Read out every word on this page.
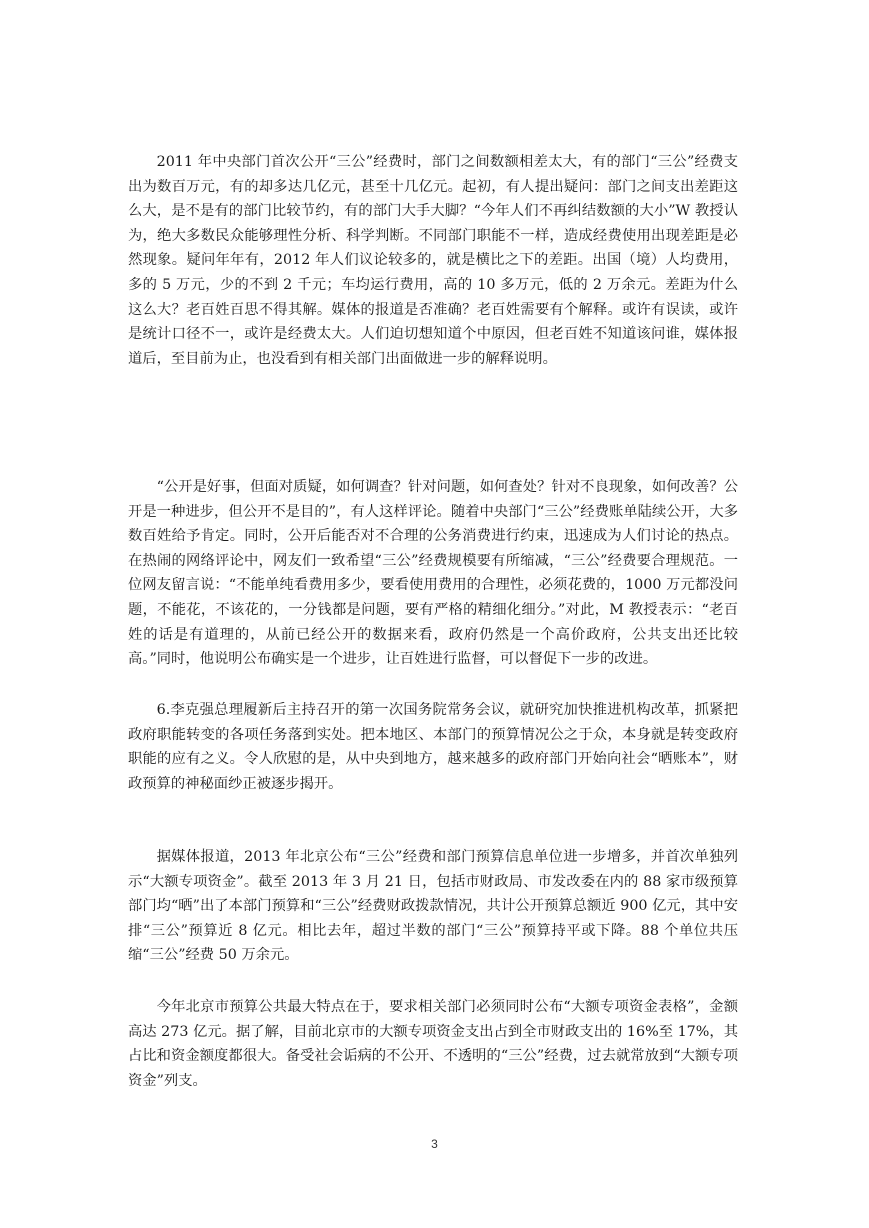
2011 年中央部门首次公开“三公”经费时，部门之间数额相差太大，有的部门“三公”经费支出为数百万元，有的却多达几亿元，甚至十几亿元。起初，有人提出疑问：部门之间支出差距这么大，是不是有的部门比较节约，有的部门大手大脚？“今年人们不再纠结数额的大小”W 教授认为，绝大多数民众能够理性分析、科学判断。不同部门职能不一样，造成经费使用出现差距是必然现象。疑问年年有，2012 年人们议论较多的，就是横比之下的差距。出国（境）人均费用，多的 5 万元，少的不到 2 千元；车均运行费用，高的 10 多万元，低的 2 万余元。差距为什么这么大？老百姓百思不得其解。媒体的报道是否准确？老百姓需要有个解释。或许有误读，或许是统计口径不一，或许是经费太大。人们迫切想知道个中原因，但老百姓不知道该问谁，媒体报道后，至目前为止，也没看到有相关部门出面做进一步的解释说明。

“公开是好事，但面对质疑，如何调查？针对问题，如何查处？针对不良现象，如何改善？公开是一种进步，但公开不是目的”，有人这样评论。随着中央部门“三公”经费账单陆续公开，大多数百姓给予肯定。同时，公开后能否对不合理的公务消费进行约束，迅速成为人们讨论的热点。在热闹的网络评论中，网友们一致希望“三公”经费规模要有所缩减，“三公”经费要合理规范。一位网友留言说：“不能单纯看费用多少，要看使用费用的合理性，必须花费的，1000 万元都没问题，不能花，不该花的，一分钱都是问题，要有严格的精细化细分。”对此，M 教授表示：“老百姓的话是有道理的，从前已经公开的数据来看，政府仍然是一个高价政府，公共支出还比较高。”同时，他说明公布确实是一个进步，让百姓进行监督，可以督促下一步的改进。

6.李克强总理履新后主持召开的第一次国务院常务会议，就研究加快推进机构改革，抓紧把政府职能转变的各项任务落到实处。把本地区、本部门的预算情况公之于众，本身就是转变政府职能的应有之义。令人欣慰的是，从中央到地方，越来越多的政府部门开始向社会“晒账本”，财政预算的神秘面纱正被逐步揭开。

据媒体报道，2013 年北京公布“三公”经费和部门预算信息单位进一步增多，并首次单独列示“大额专项资金”。截至 2013 年 3 月 21 日，包括市财政局、市发改委在内的 88 家市级预算部门均“晒”出了本部门预算和“三公”经费财政拨款情况，共计公开预算总额近 900 亿元，其中安排“三公”预算近 8 亿元。相比去年，超过半数的部门“三公”预算持平或下降。88 个单位共压缩“三公”经费 50 万余元。

今年北京市预算公共最大特点在于，要求相关部门必须同时公布“大额专项资金表格”，金额高达 273 亿元。据了解，目前北京市的大额专项资金支出占到全市财政支出的 16%至 17%，其占比和资金额度都很大。备受社会诟病的不公开、不透明的“三公”经费，过去就常放到“大额专项资金”列支。

3
